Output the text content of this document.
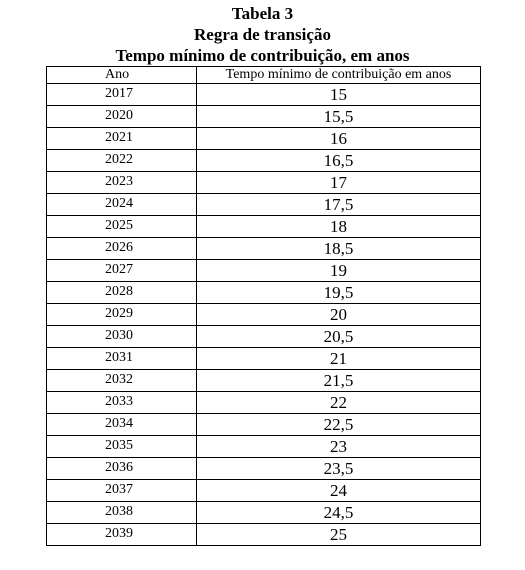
Tabela 3
Regra de transição
Tempo mínimo de contribuição, em anos
Ano	Tempo mínimo de contribuição em anos
2017	15
2020	15,5
2021	16
2022	16,5
2023	17
2024	17,5
2025	18
2026	18,5
2027	19
2028	19,5
2029	20
2030	20,5
2031	21
2032	21,5
2033	22
2034	22,5
2035	23
2036	23,5
2037	24
2038	24,5
2039	25
